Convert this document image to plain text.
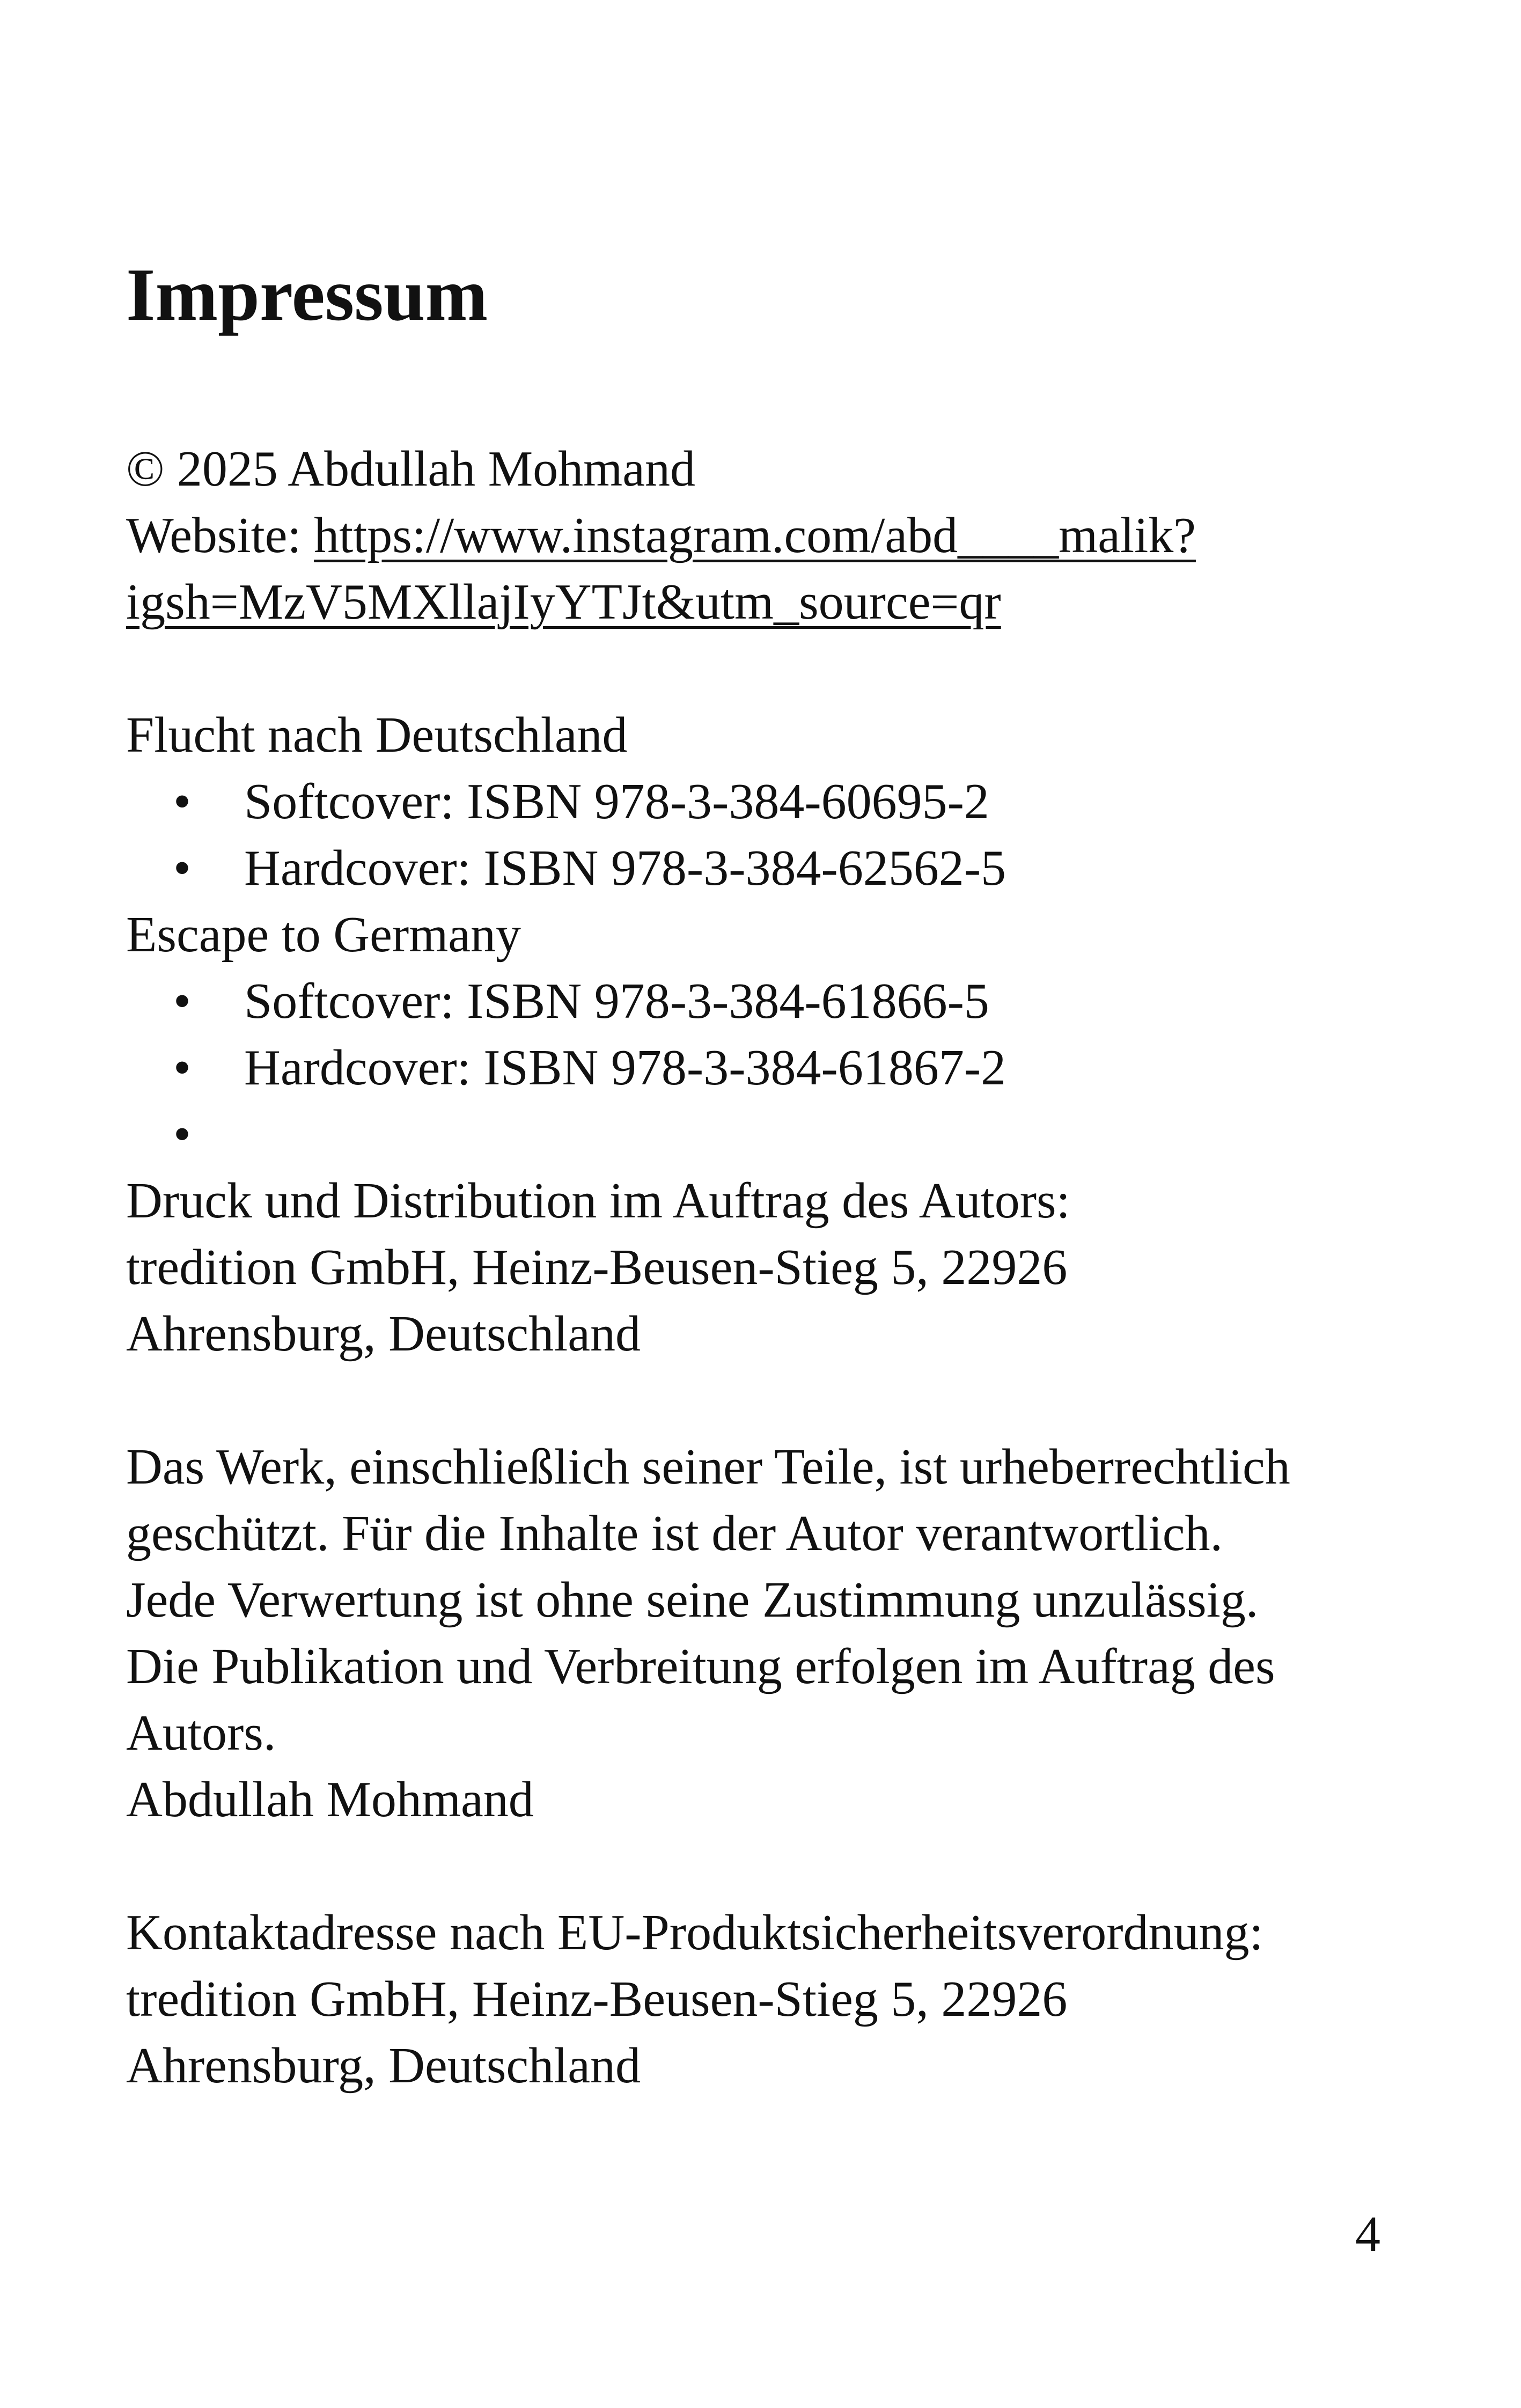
Impressum
© 2025 Abdullah Mohmand
Website: https://www.instagram.com/abd____malik?
igsh=MzV5MXllajIyYTJt&utm_source=qr
Flucht nach Deutschland
• Softcover: ISBN 978-3-384-60695-2
• Hardcover: ISBN 978-3-384-62562-5
Escape to Germany
• Softcover: ISBN 978-3-384-61866-5
• Hardcover: ISBN 978-3-384-61867-2
•
Druck und Distribution im Auftrag des Autors:
tredition GmbH, Heinz-Beusen-Stieg 5, 22926
Ahrensburg, Deutschland
Das Werk, einschließlich seiner Teile, ist urheberrechtlich
geschützt. Für die Inhalte ist der Autor verantwortlich.
Jede Verwertung ist ohne seine Zustimmung unzulässig.
Die Publikation und Verbreitung erfolgen im Auftrag des
Autors.
Abdullah Mohmand
Kontaktadresse nach EU-Produktsicherheitsverordnung:
tredition GmbH, Heinz-Beusen-Stieg 5, 22926
Ahrensburg, Deutschland
4
